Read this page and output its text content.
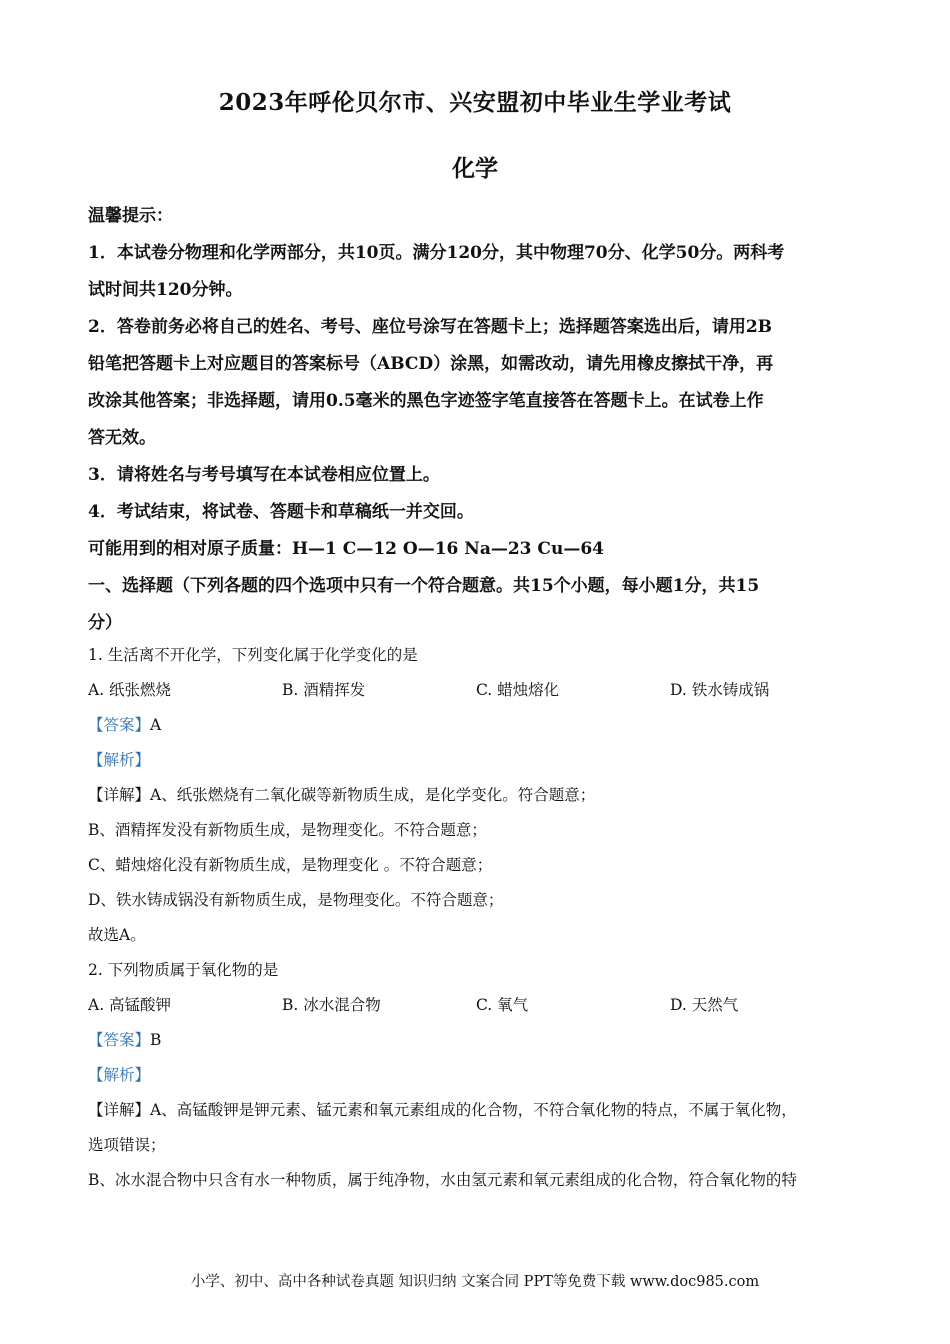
2023年呼伦贝尔市、兴安盟初中毕业生学业考试
化学

温馨提示：

1．本试卷分物理和化学两部分，共10页。满分120分，其中物理70分、化学50分。两科考

试时间共120分钟。

2．答卷前务必将自己的姓名、考号、座位号涂写在答题卡上；选择题答案选出后，请用2B

铅笔把答题卡上对应题目的答案标号（ABCD）涂黑，如需改动，请先用橡皮擦拭干净，再

改涂其他答案；非选择题，请用0.5毫米的黑色字迹签字笔直接答在答题卡上。在试卷上作

答无效。

3．请将姓名与考号填写在本试卷相应位置上。

4．考试结束，将试卷、答题卡和草稿纸一并交回。

可能用到的相对原子质量：H—1 C—12 O—16 Na—23 Cu—64

一、选择题（下列各题的四个选项中只有一个符合题意。共15个小题，每小题1分，共15

分）

1. 生活离不开化学，下列变化属于化学变化的是

A. 纸张燃烧	B. 酒精挥发	C. 蜡烛熔化	D. 铁水铸成锅

【答案】A

【解析】

【详解】A、纸张燃烧有二氧化碳等新物质生成，是化学变化。符合题意；

B、酒精挥发没有新物质生成，是物理变化。不符合题意；

C、蜡烛熔化没有新物质生成，是物理变化 。不符合题意；

D、铁水铸成锅没有新物质生成，是物理变化。不符合题意；

故选A。

2. 下列物质属于氧化物的是

A. 高锰酸钾	B. 冰水混合物	C. 氧气	D. 天然气

【答案】B

【解析】

【详解】A、高锰酸钾是钾元素、锰元素和氧元素组成的化合物，不符合氧化物的特点，不属于氧化物，

选项错误；

B、冰水混合物中只含有水一种物质，属于纯净物，水由氢元素和氧元素组成的化合物，符合氧化物的特

小学、初中、高中各种试卷真题 知识归纳 文案合同 PPT等免费下载 www.doc985.com
